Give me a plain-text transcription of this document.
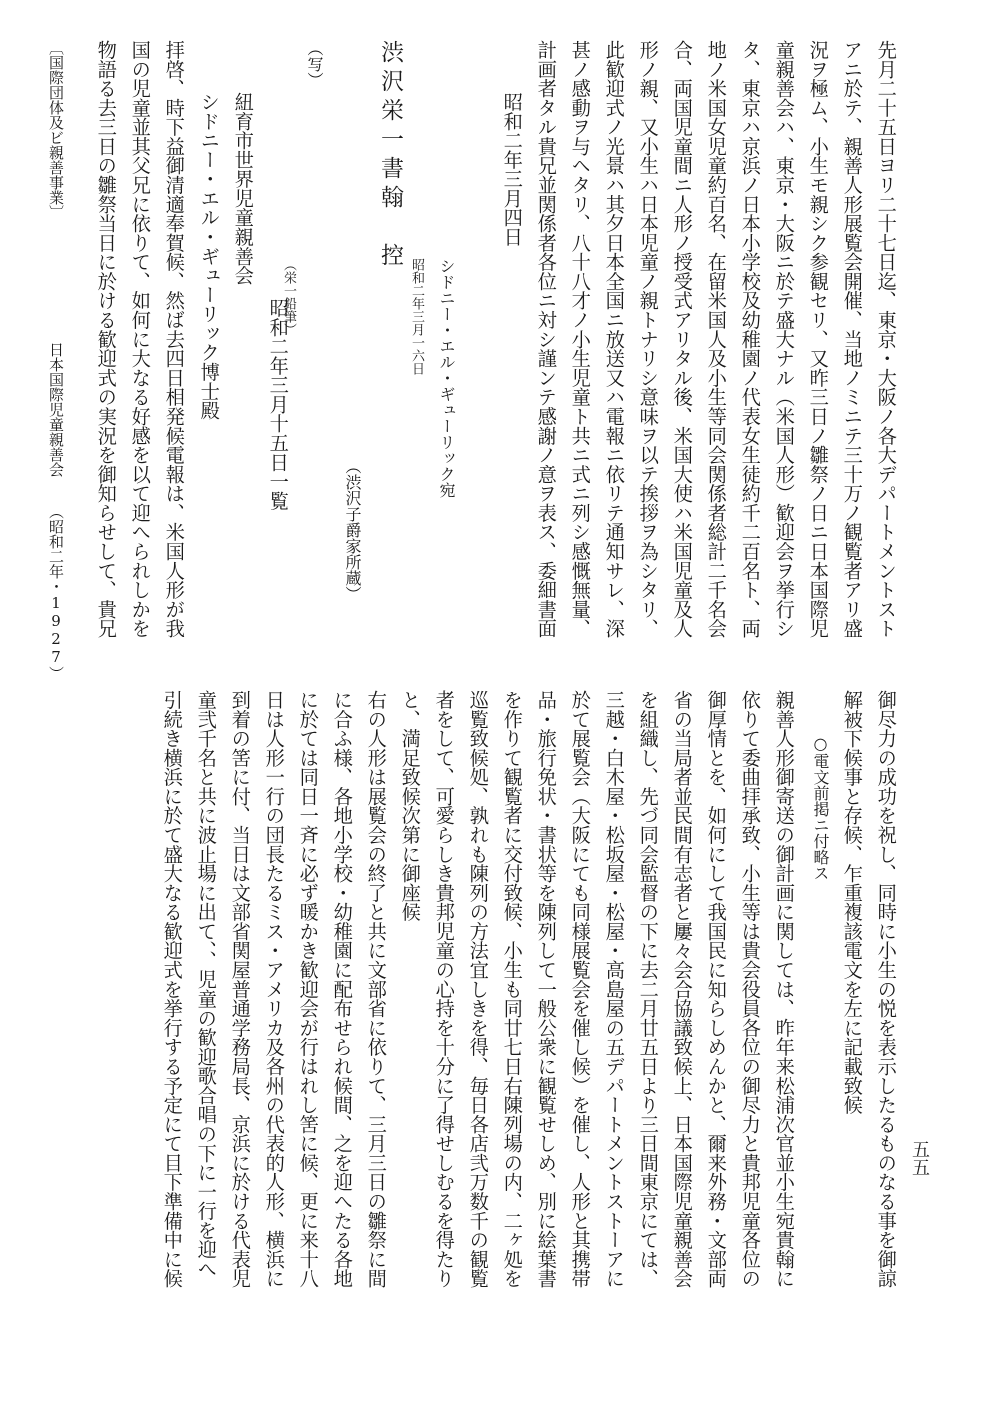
先月二十五日ヨリ二十七日迄、東京・大阪ノ各大デパートメントスト
アニ於テ、親善人形展覧会開催、当地ノミニテ三十万ノ観覧者アリ盛
況ヲ極ム、小生モ親シク参観セリ、又昨三日ノ雛祭ノ日ニ日本国際児
童親善会ハ、東京・大阪ニ於テ盛大ナル（米国人形）歓迎会ヲ挙行シ
タ、東京ハ京浜ノ日本小学校及幼稚園ノ代表女生徒約千二百名ト、両
地ノ米国女児童約百名、在留米国人及小生等同会関係者総計二千名会
合、両国児童間ニ人形ノ授受式アリタル後、米国大使ハ米国児童及人
形ノ親、又小生ハ日本児童ノ親トナリシ意味ヲ以テ挨拶ヲ為シタリ、
此歓迎式ノ光景ハ其夕日本全国ニ放送又ハ電報ニ依リテ通知サレ、深
甚ノ感動ヲ与ヘタリ、八十八才ノ小生児童ト共ニ式ニ列シ感慨無量、
計画者タル貴兄並関係者各位ニ対シ謹ンテ感謝ノ意ヲ表ス、委細書面
昭和二年三月四日
シドニー・エル・ギューリック宛
昭和二年三月一六日
（渋沢子爵家所蔵）
渋沢栄一書翰　控
（写）
（栄一鉛筆）
昭和二年三月十五日一覧
紐育市世界児童親善会
シドニー・エル・ギューリック博士殿
拝啓、時下益御清適奉賀候、然ば去四日相発候電報は、米国人形が我
国の児童並其父兄に依りて、如何に大なる好感を以て迎へられしかを
物語る去三日の雛祭当日に於ける歓迎式の実況を御知らせして、貴兄
〔国際団体及ビ親善事業〕
日本国際児童親善会
（昭和二年・1927）
五五
御尽力の成功を祝し、同時に小生の悦を表示したるものなる事を御諒
解被下候事と存候、乍重複該電文を左に記載致候
○電文前掲ニ付略ス
親善人形御寄送の御計画に関しては、昨年来松浦次官並小生宛貴翰に
依りて委曲拝承致、小生等は貴会役員各位の御尽力と貴邦児童各位の
御厚情とを、如何にして我国民に知らしめんかと、爾来外務・文部両
省の当局者並民間有志者と屢々会合協議致候上、日本国際児童親善会
を組織し、先づ同会監督の下に去二月廿五日より三日間東京にては、
三越・白木屋・松坂屋・松屋・高島屋の五デパートメントストーアに
於て展覧会（大阪にても同様展覧会を催し候）を催し、人形と其携帯
品・旅行免状・書状等を陳列して一般公衆に観覧せしめ、別に絵葉書
を作りて観覧者に交付致候、小生も同廿七日右陳列場の内、二ヶ処を
巡覧致候処、孰れも陳列の方法宜しきを得、毎日各店弐万数千の観覧
者をして、可愛らしき貴邦児童の心持を十分に了得せしむるを得たり
と、満足致候次第に御座候
右の人形は展覧会の終了と共に文部省に依りて、三月三日の雛祭に間
に合ふ様、各地小学校・幼稚園に配布せられ候間、之を迎へたる各地
に於ては同日一斉に必ず暖かき歓迎会が行はれし筈に候、更に来十八
日は人形一行の団長たるミス・アメリカ及各州の代表的人形、横浜に
到着の筈に付、当日は文部省関屋普通学務局長、京浜に於ける代表児
童弐千名と共に波止場に出て、、児童の歓迎歌合唱の下に一行を迎へ
引続き横浜に於て盛大なる歓迎式を挙行する予定にて目下準備中に候
